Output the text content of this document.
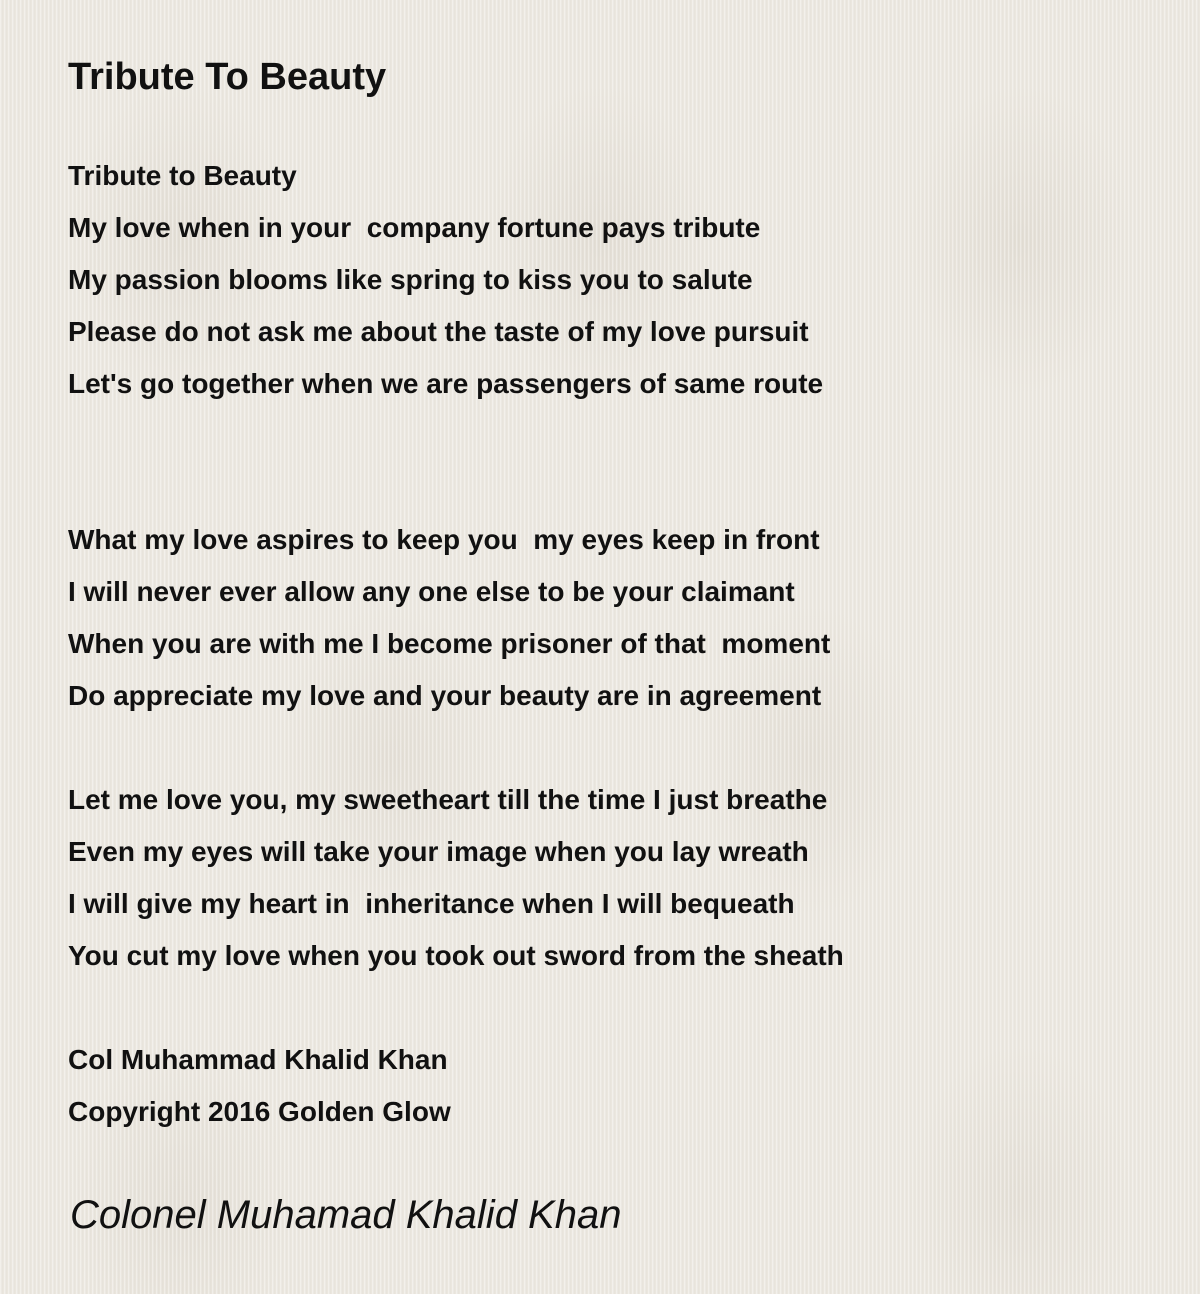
Tribute To Beauty
Tribute to Beauty
My love when in your  company fortune pays tribute
My passion blooms like spring to kiss you to salute
Please do not ask me about the taste of my love pursuit
Let's go together when we are passengers of same route
What my love aspires to keep you  my eyes keep in front
I will never ever allow any one else to be your claimant
When you are with me I become prisoner of that  moment
Do appreciate my love and your beauty are in agreement
Let me love you, my sweetheart till the time I just breathe
Even my eyes will take your image when you lay wreath
I will give my heart in  inheritance when I will bequeath
You cut my love when you took out sword from the sheath
Col Muhammad Khalid Khan
Copyright 2016 Golden Glow
Colonel Muhamad Khalid Khan
